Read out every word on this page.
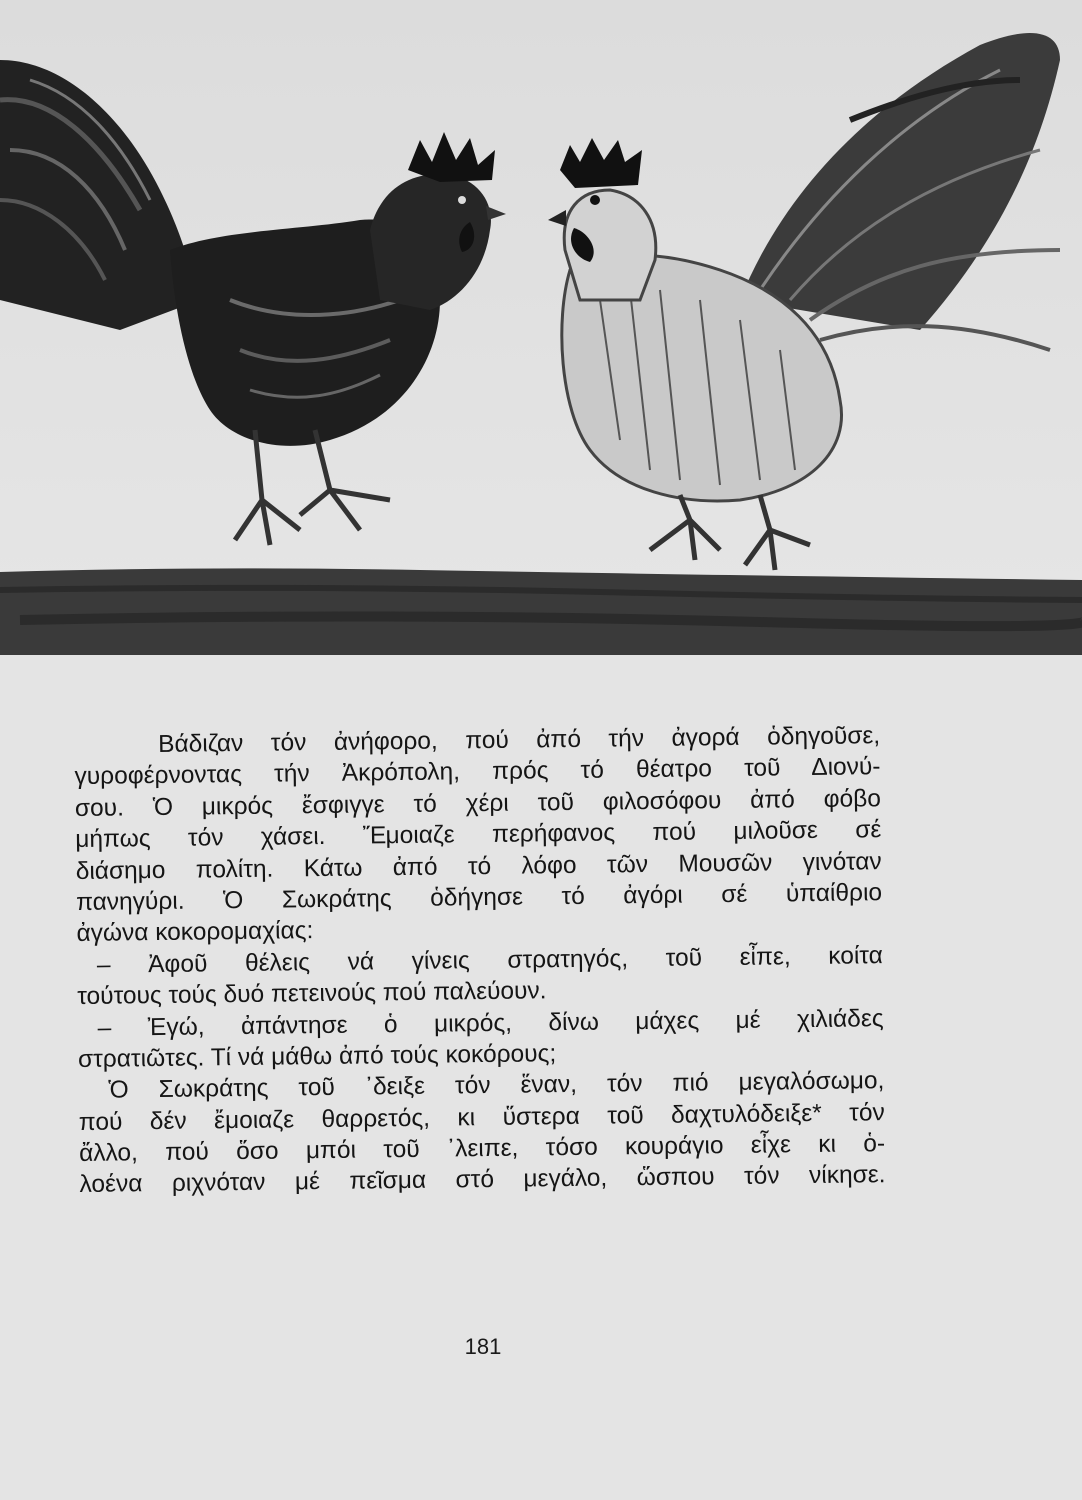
Βάδιζαν τόν ἀνήφορο, πού ἀπό τήν ἀγορά ὁδηγοῦσε,
γυροφέρνοντας τήν Ἀκρόπολη, πρός τό θέατρο τοῦ Διονύ-
σου. Ὁ μικρός ἔσφιγγε τό χέρι τοῦ φιλοσόφου ἀπό φόβο
μήπως τόν χάσει. Ἔμοιαζε περήφανος πού μιλοῦσε σέ
διάσημο πολίτη. Κάτω ἀπό τό λόφο τῶν Μουσῶν γινόταν
πανηγύρι. Ὁ Σωκράτης ὁδήγησε τό ἀγόρι σέ ὑπαίθριο
ἀγώνα κοκορομαχίας:
– Ἀφοῦ θέλεις νά γίνεις στρατηγός, τοῦ εἶπε, κοίτα
τούτους τούς δυό πετεινούς πού παλεύουν.
– Ἐγώ, ἀπάντησε ὁ μικρός, δίνω μάχες μέ χιλιάδες
στρατιῶτες. Τί νά μάθω ἀπό τούς κοκόρους;
Ὁ Σωκράτης τοῦ ᾽δειξε τόν ἕναν, τόν πιό μεγαλόσωμο,
πού δέν ἔμοιαζε θαρρετός, κι ὕστερα τοῦ δαχτυλόδειξε* τόν
ἄλλο, πού ὅσο μπόι τοῦ ᾽λειπε, τόσο κουράγιο εἶχε κι ὁ-
λοένα ριχνόταν μέ πεῖσμα στό μεγάλο, ὥσπου τόν νίκησε.
181
